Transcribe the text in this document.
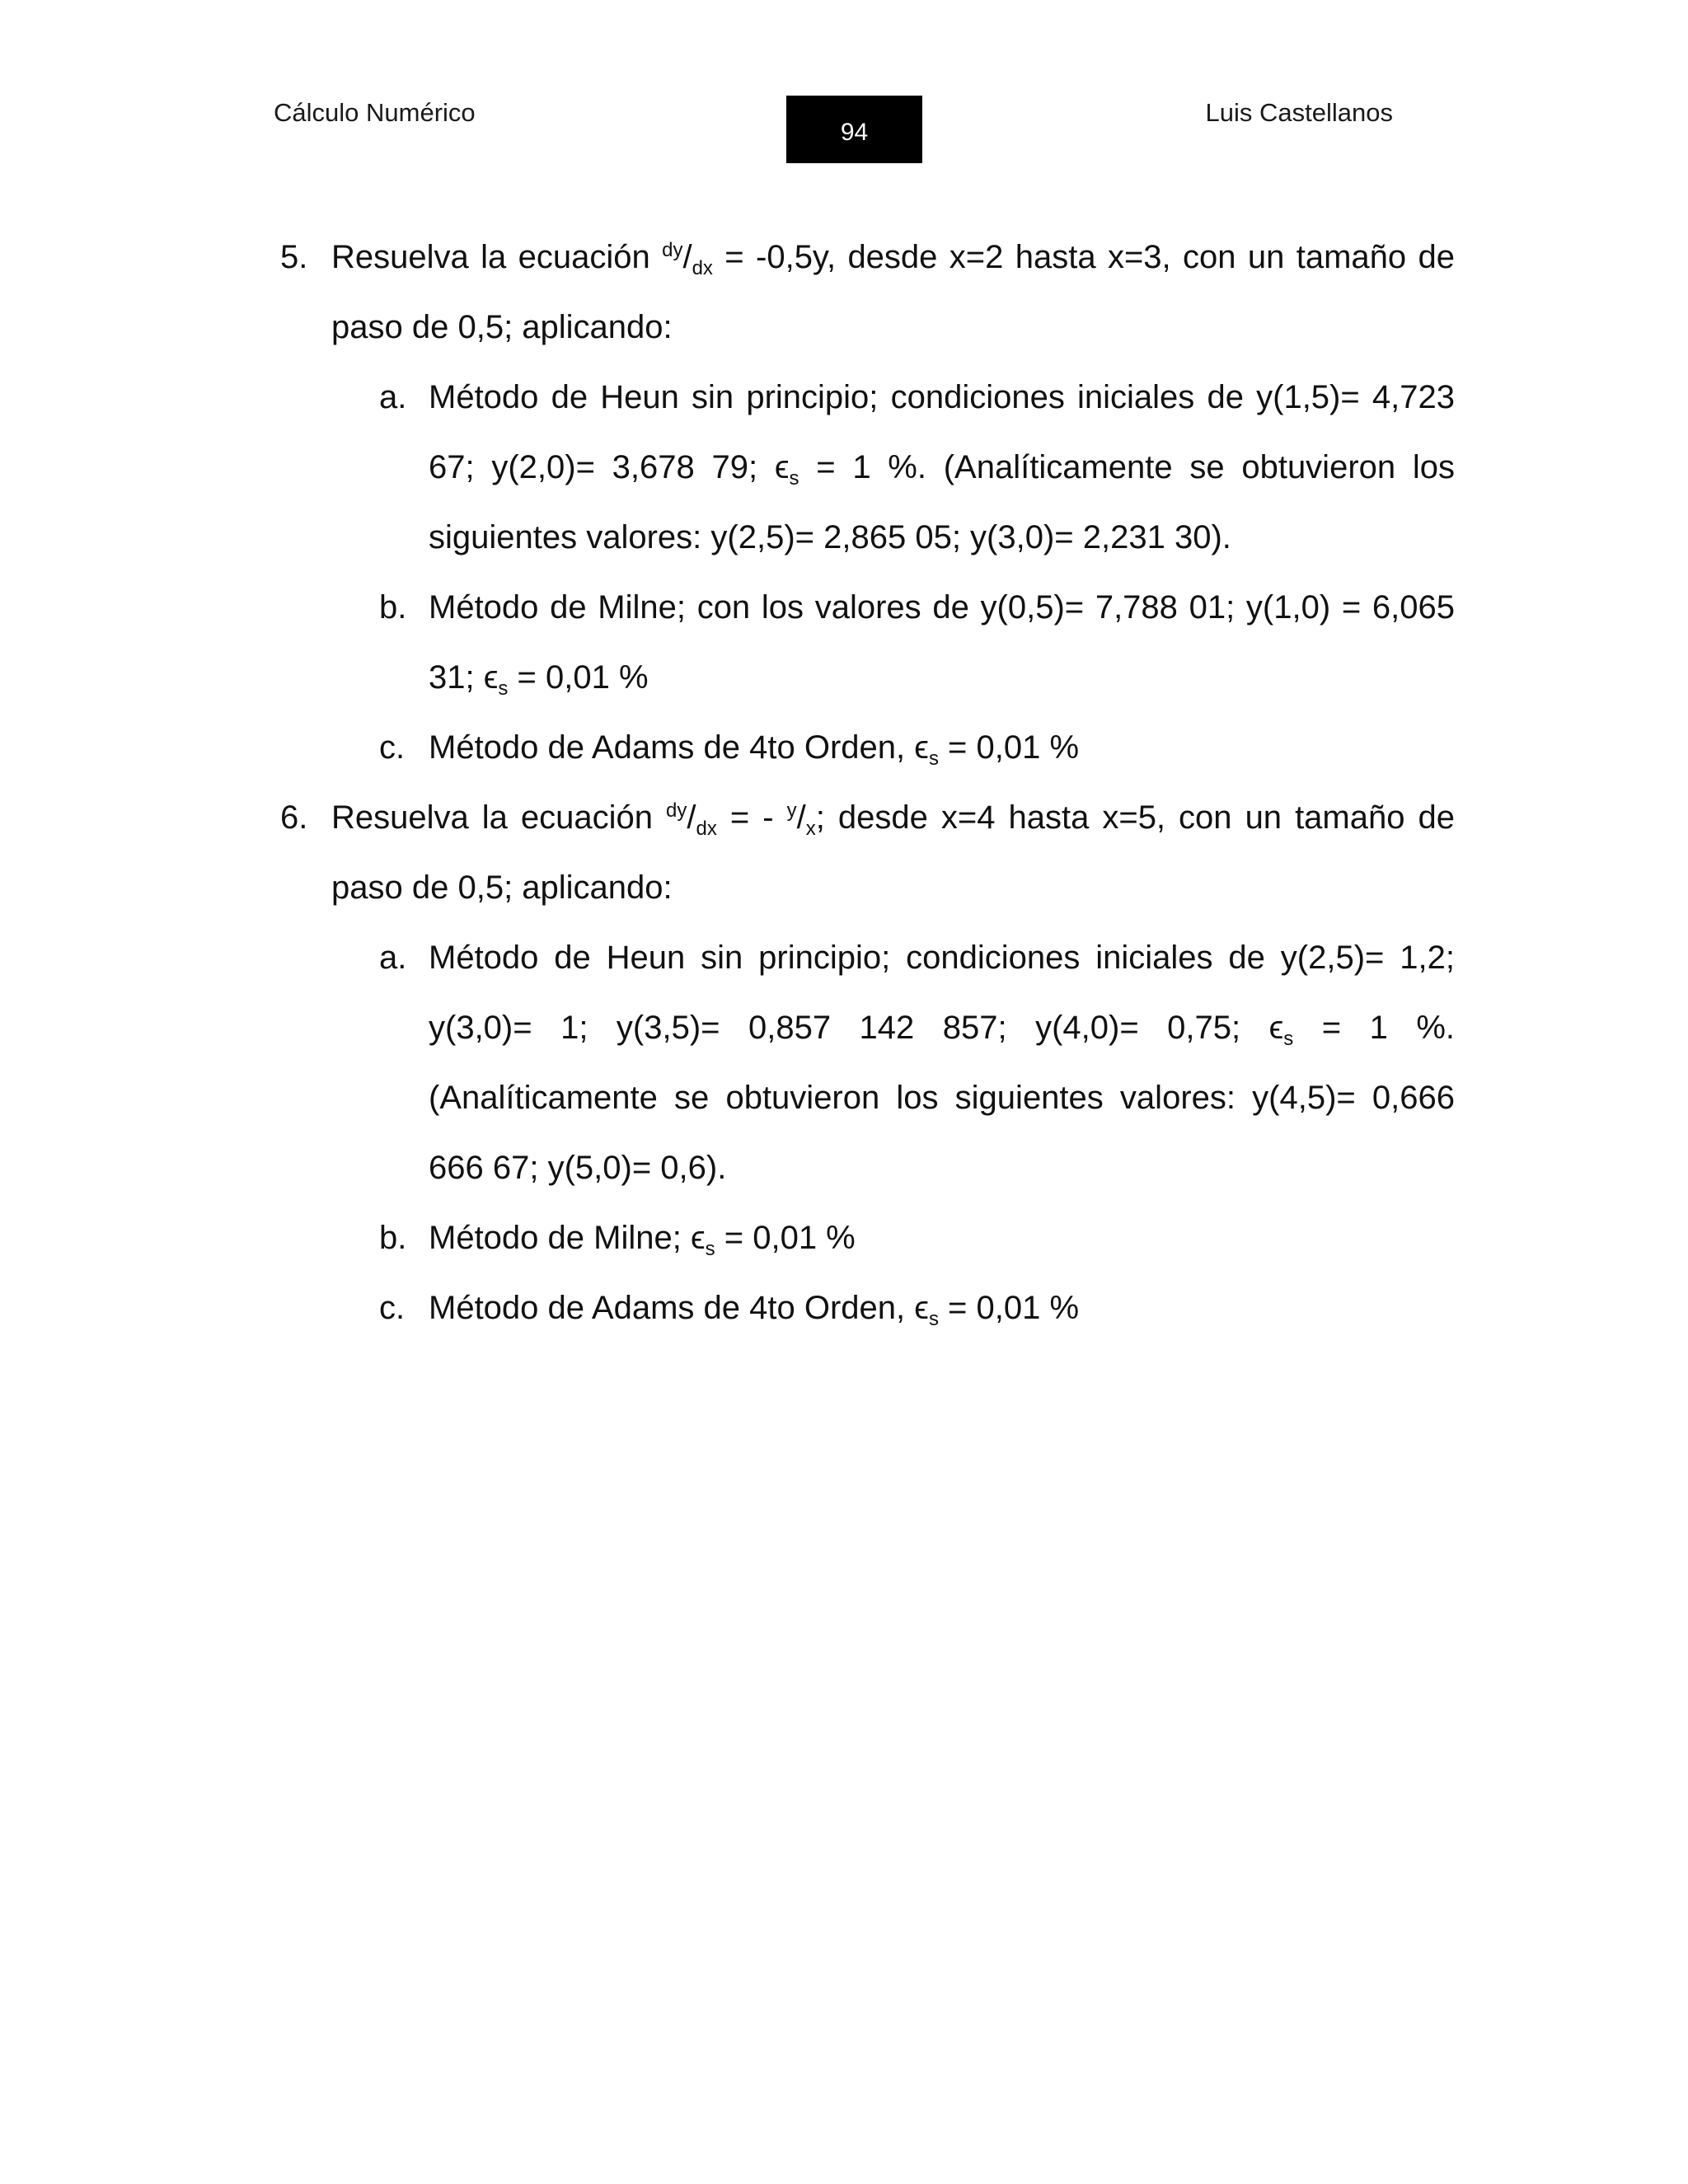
Cálculo Numérico
94
Luis Castellanos
5. Resuelva la ecuación $^{dy}/_{dx} = -0,5y$, desde x=2 hasta x=3, con un tamaño de paso de 0,5; aplicando:
a. Método de Heun sin principio; condiciones iniciales de y(1,5)= 4,723 67; y(2,0)= 3,678 79; $\epsilon_s = 1$ %. (Analíticamente se obtuvieron los siguientes valores: y(2,5)= 2,865 05; y(3,0)= 2,231 30).
b. Método de Milne; con los valores de y(0,5)= 7,788 01; y(1,0) = 6,065 31; $\epsilon_s = 0,01$ %
c. Método de Adams de 4to Orden, $\epsilon_s = 0,01$ %
6. Resuelva la ecuación $^{dy}/_{dx}$ = - $^y/_x$; desde x=4 hasta x=5, con un tamaño de paso de 0,5; aplicando:
a. Método de Heun sin principio; condiciones iniciales de y(2,5)= 1,2; y(3,0)= 1; y(3,5)= 0,857 142 857; y(4,0)= 0,75; $\epsilon_s = 1$ %. (Analíticamente se obtuvieron los siguientes valores: y(4,5)= 0,666 666 67; y(5,0)= 0,6).
b. Método de Milne; $\epsilon_s = 0,01$ %
c. Método de Adams de 4to Orden, $\epsilon_s = 0,01$ %
